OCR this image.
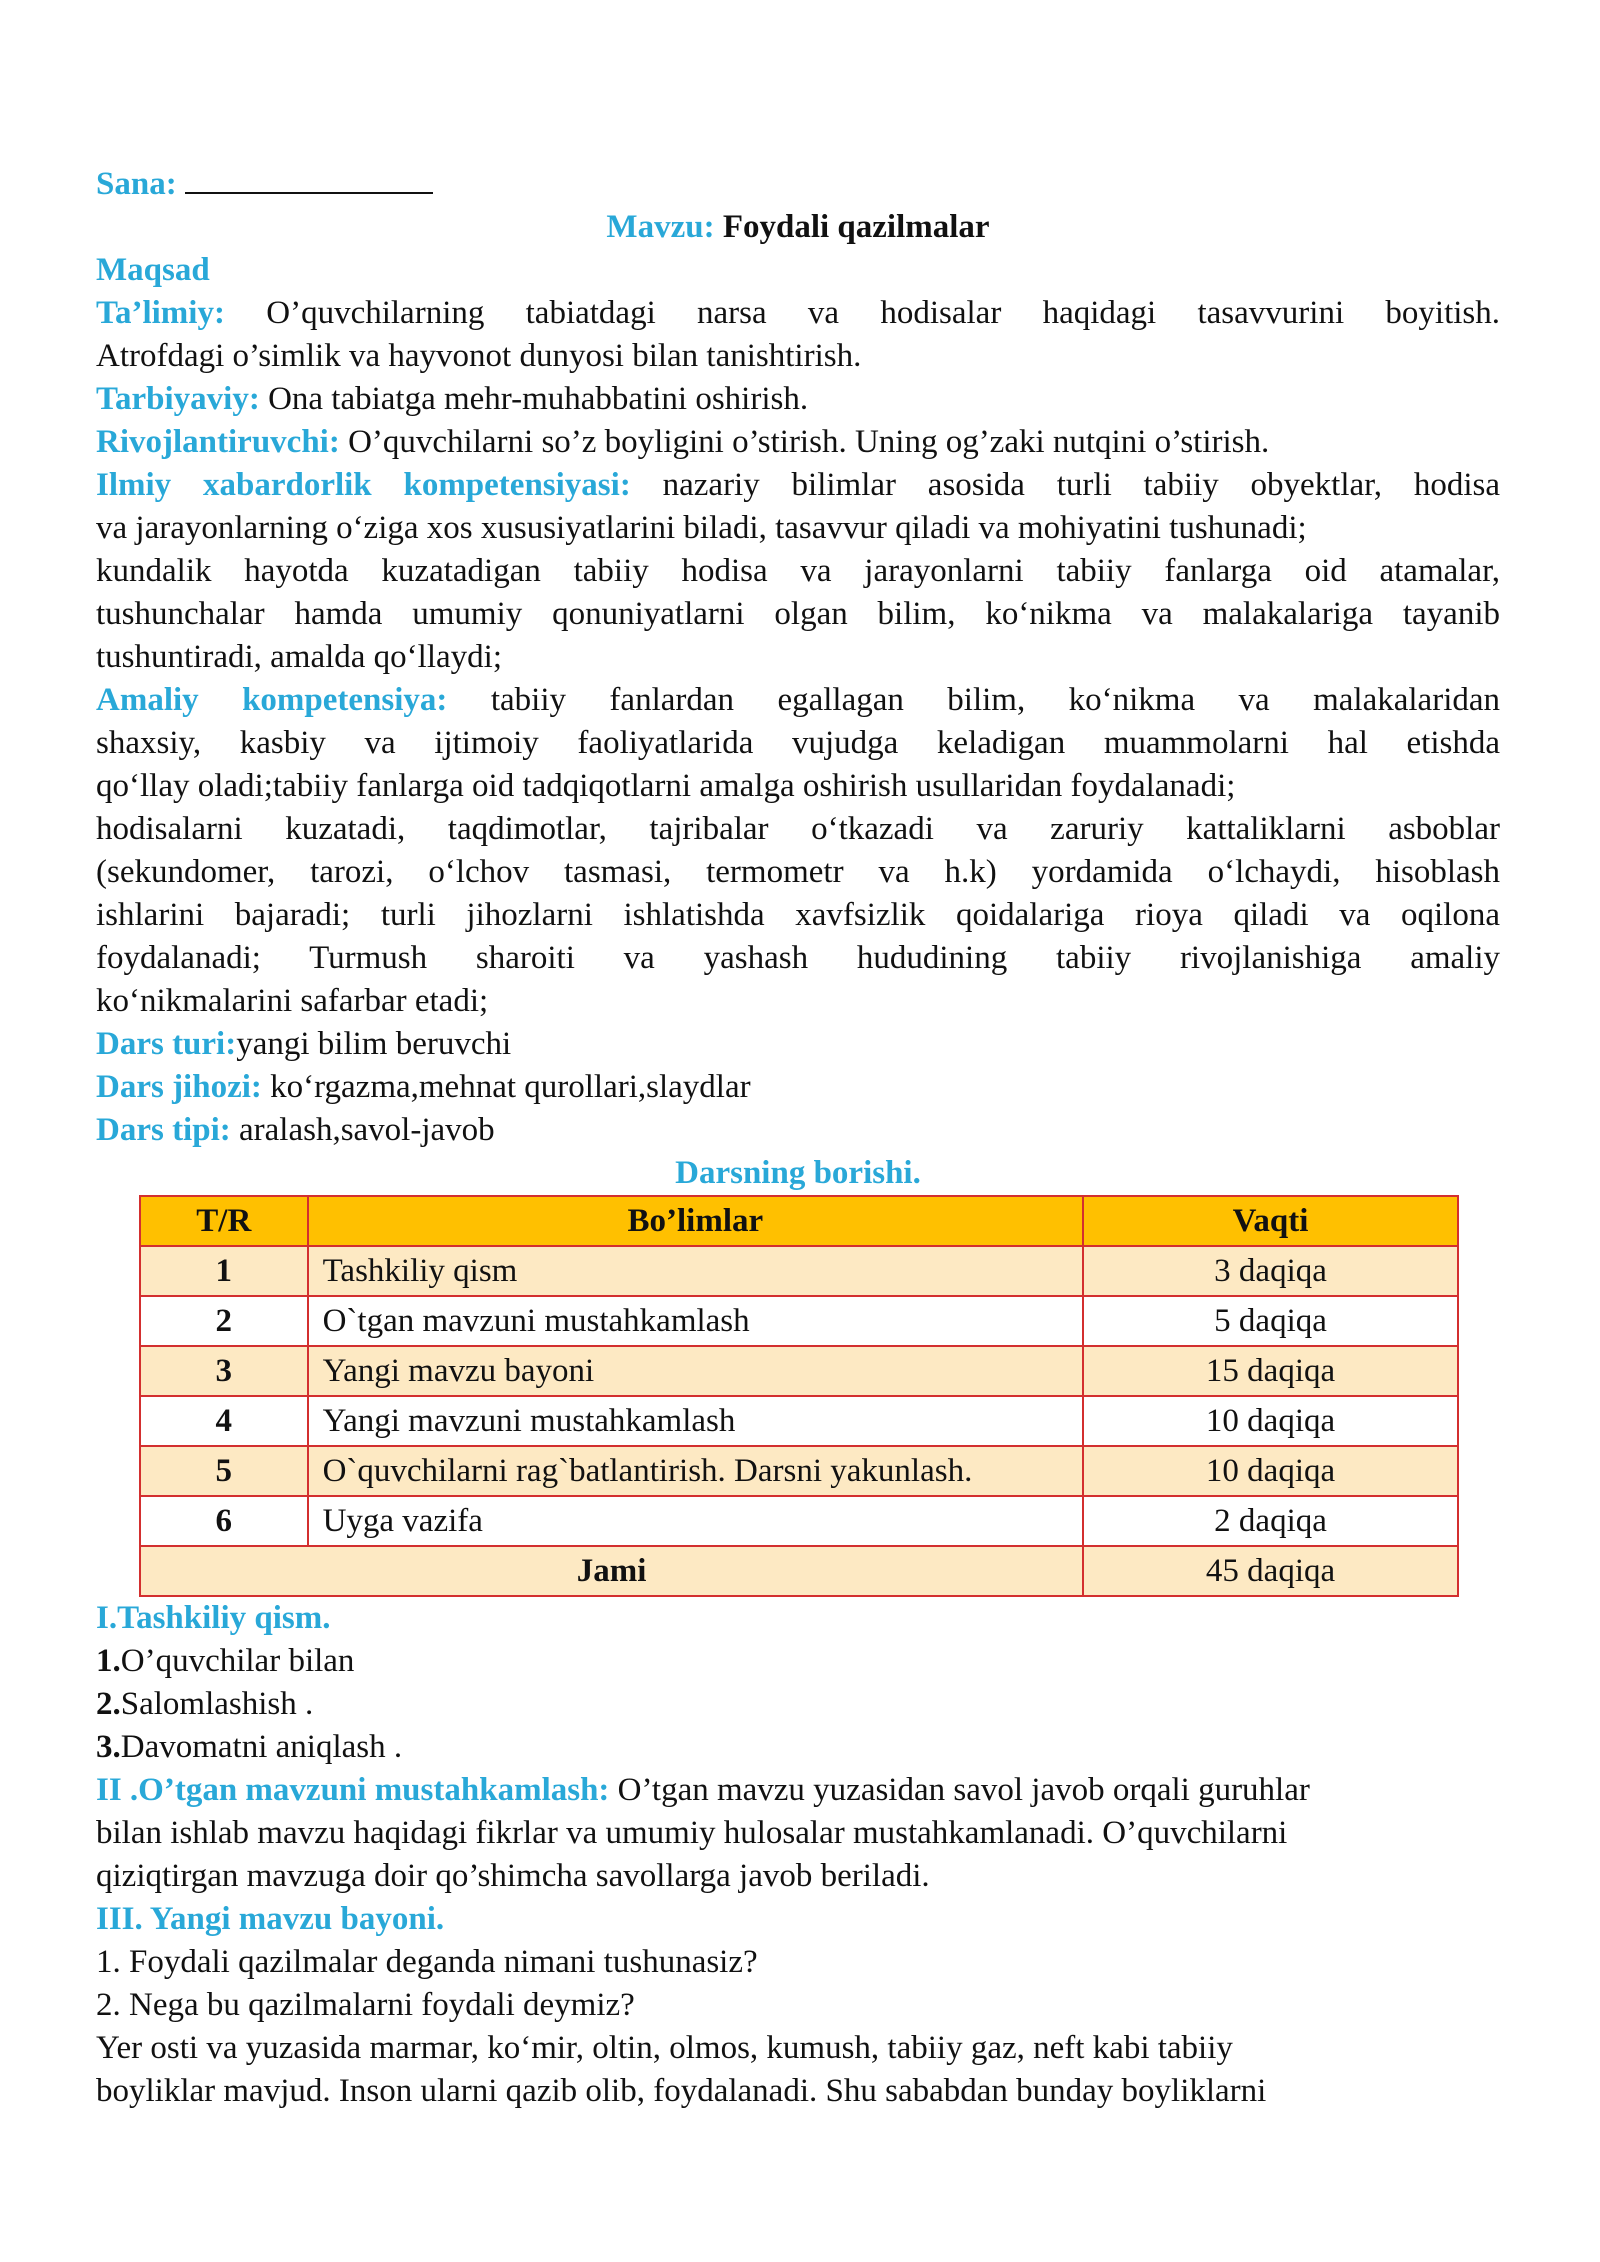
Sana:
Mavzu: Foydali qazilmalar
Maqsad
Ta’limiy: O’quvchilarning tabiatdagi narsa va hodisalar haqidagi tasavvurini boyitish.
Atrofdagi o’simlik va hayvonot dunyosi bilan tanishtirish.
Tarbiyaviy: Ona tabiatga mehr-muhabbatini oshirish.
Rivojlantiruvchi: O’quvchilarni so’z boyligini o’stirish. Uning og’zaki nutqini o’stirish.
Ilmiy xabardorlik kompetensiyasi: nazariy bilimlar asosida turli tabiiy obyektlar, hodisa
va jarayonlarning o‘ziga xos xususiyatlarini biladi, tasavvur qiladi va mohiyatini tushunadi;
kundalik hayotda kuzatadigan tabiiy hodisa va jarayonlarni tabiiy fanlarga oid atamalar,
tushunchalar hamda umumiy qonuniyatlarni olgan bilim, ko‘nikma va malakalariga tayanib
tushuntiradi, amalda qo‘llaydi;
Amaliy kompetensiya: tabiiy fanlardan egallagan bilim, ko‘nikma va malakalaridan
shaxsiy, kasbiy va ijtimoiy faoliyatlarida vujudga keladigan muammolarni hal etishda
qo‘llay oladi;tabiiy fanlarga oid tadqiqotlarni amalga oshirish usullaridan foydalanadi;
hodisalarni kuzatadi, taqdimotlar, tajribalar o‘tkazadi va zaruriy kattaliklarni asboblar
(sekundomer, tarozi, o‘lchov tasmasi, termometr va h.k) yordamida o‘lchaydi, hisoblash
ishlarini bajaradi; turli jihozlarni ishlatishda xavfsizlik qoidalariga rioya qiladi va oqilona
foydalanadi; Turmush sharoiti va yashash hududining tabiiy rivojlanishiga amaliy
ko‘nikmalarini safarbar etadi;
Dars turi:yangi bilim beruvchi
Dars jihozi: ko‘rgazma,mehnat qurollari,slaydlar
Dars tipi: aralash,savol-javob
Darsning borishi.
T/R	Bo’limlar	Vaqti
1	Tashkiliy qism	3 daqiqa
2	O`tgan mavzuni mustahkamlash	5 daqiqa
3	Yangi mavzu bayoni	15 daqiqa
4	Yangi mavzuni mustahkamlash	10 daqiqa
5	O`quvchilarni rag`batlantirish. Darsni yakunlash.	10 daqiqa
6	Uyga vazifa	2 daqiqa
Jami		45 daqiqa
I.Tashkiliy qism.
1.O’quvchilar bilan
2.Salomlashish .
3.Davomatni aniqlash .
II .O’tgan mavzuni mustahkamlash: O’tgan mavzu yuzasidan savol javob orqali guruhlar
bilan ishlab mavzu haqidagi fikrlar va umumiy hulosalar mustahkamlanadi. O’quvchilarni
qiziqtirgan mavzuga doir qo’shimcha savollarga javob beriladi.
III. Yangi mavzu bayoni.
1. Foydali qazilmalar deganda nimani tushunasiz?
2. Nega bu qazilmalarni foydali deymiz?
Yer osti va yuzasida marmar, ko‘mir, oltin, olmos, kumush, tabiiy gaz, neft kabi tabiiy
boyliklar mavjud. Inson ularni qazib olib, foydalanadi. Shu sababdan bunday boyliklarni
